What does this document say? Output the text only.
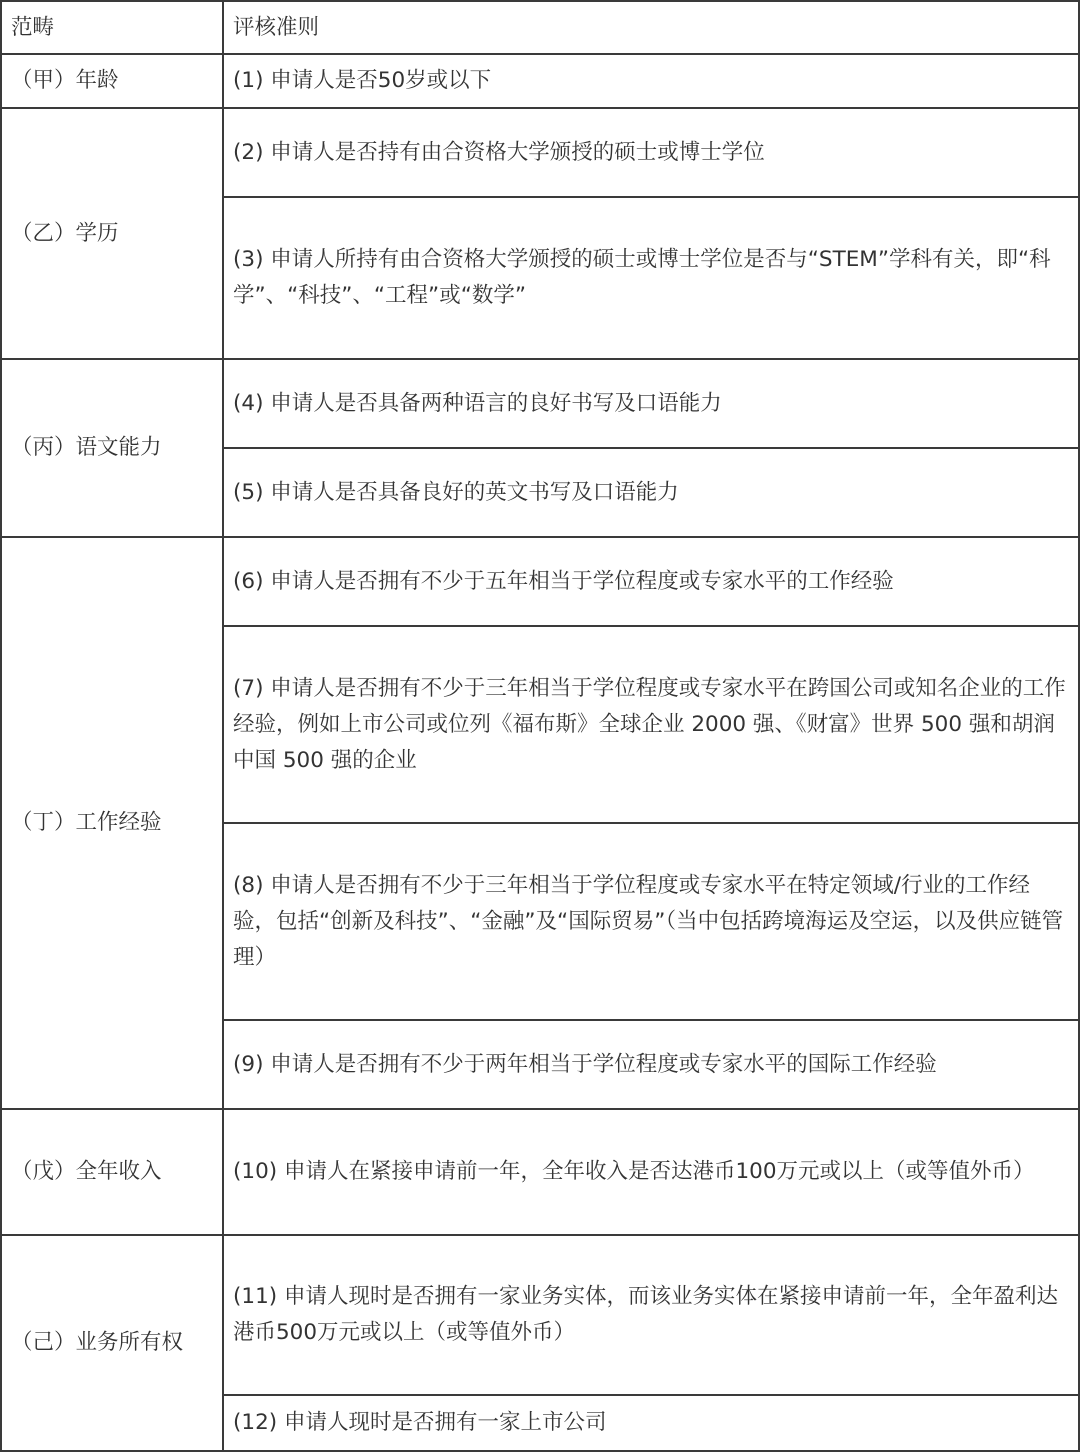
范畴	评核准则
（甲）年龄	(1) 申请人是否50岁或以下
（乙）学历	(2) 申请人是否持有由合资格大学颁授的硕士或博士学位
	(3) 申请人所持有由合资格大学颁授的硕士或博士学位是否与“STEM”学科有关，即“科学”、“科技”、“工程”或“数学”
（丙）语文能力	(4) 申请人是否具备两种语言的良好书写及口语能力
	(5) 申请人是否具备良好的英文书写及口语能力
（丁）工作经验	(6) 申请人是否拥有不少于五年相当于学位程度或专家水平的工作经验
	(7) 申请人是否拥有不少于三年相当于学位程度或专家水平在跨国公司或知名企业的工作经验，例如上市公司或位列《福布斯》全球企业 2000 强、《财富》世界 500 强和胡润中国 500 强的企业
	(8) 申请人是否拥有不少于三年相当于学位程度或专家水平在特定领域/行业的工作经验，包括“创新及科技”、“金融”及“国际贸易”（当中包括跨境海运及空运，以及供应链管理）
	(9) 申请人是否拥有不少于两年相当于学位程度或专家水平的国际工作经验
（戊）全年收入	(10) 申请人在紧接申请前一年，全年收入是否达港币100万元或以上（或等值外币）
（己）业务所有权	(11) 申请人现时是否拥有一家业务实体，而该业务实体在紧接申请前一年，全年盈利达港币500万元或以上（或等值外币）
	(12) 申请人现时是否拥有一家上市公司
